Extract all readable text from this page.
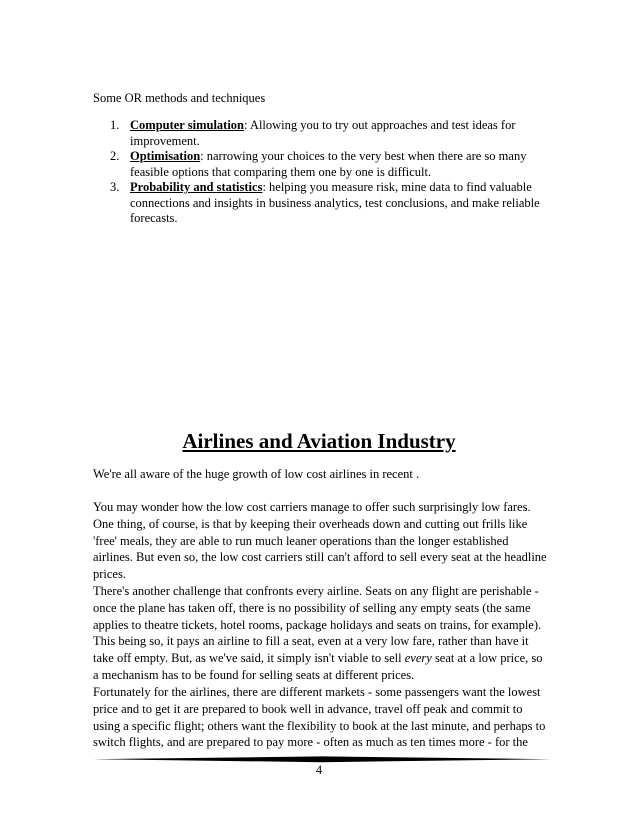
Some OR methods and techniques

1. Computer simulation: Allowing you to try out approaches and test ideas for improvement.
2. Optimisation: narrowing your choices to the very best when there are so many feasible options that comparing them one by one is difficult.
3. Probability and statistics: helping you measure risk, mine data to find valuable connections and insights in business analytics, test conclusions, and make reliable forecasts.
Airlines and Aviation Industry

We're all aware of the huge growth of low cost airlines in recent .

You may wonder how the low cost carriers manage to offer such surprisingly low fares. One thing, of course, is that by keeping their overheads down and cutting out frills like 'free' meals, they are able to run much leaner operations than the longer established airlines. But even so, the low cost carriers still can't afford to sell every seat at the headline prices.

There's another challenge that confronts every airline. Seats on any flight are perishable - once the plane has taken off, there is no possibility of selling any empty seats (the same applies to theatre tickets, hotel rooms, package holidays and seats on trains, for example). This being so, it pays an airline to fill a seat, even at a very low fare, rather than have it take off empty. But, as we've said, it simply isn't viable to sell every seat at a low price, so a mechanism has to be found for selling seats at different prices.

Fortunately for the airlines, there are different markets - some passengers want the lowest price and to get it are prepared to book well in advance, travel off peak and commit to using a specific flight; others want the flexibility to book at the last minute, and perhaps to switch flights, and are prepared to pay more - often as much as ten times more - for the

4
